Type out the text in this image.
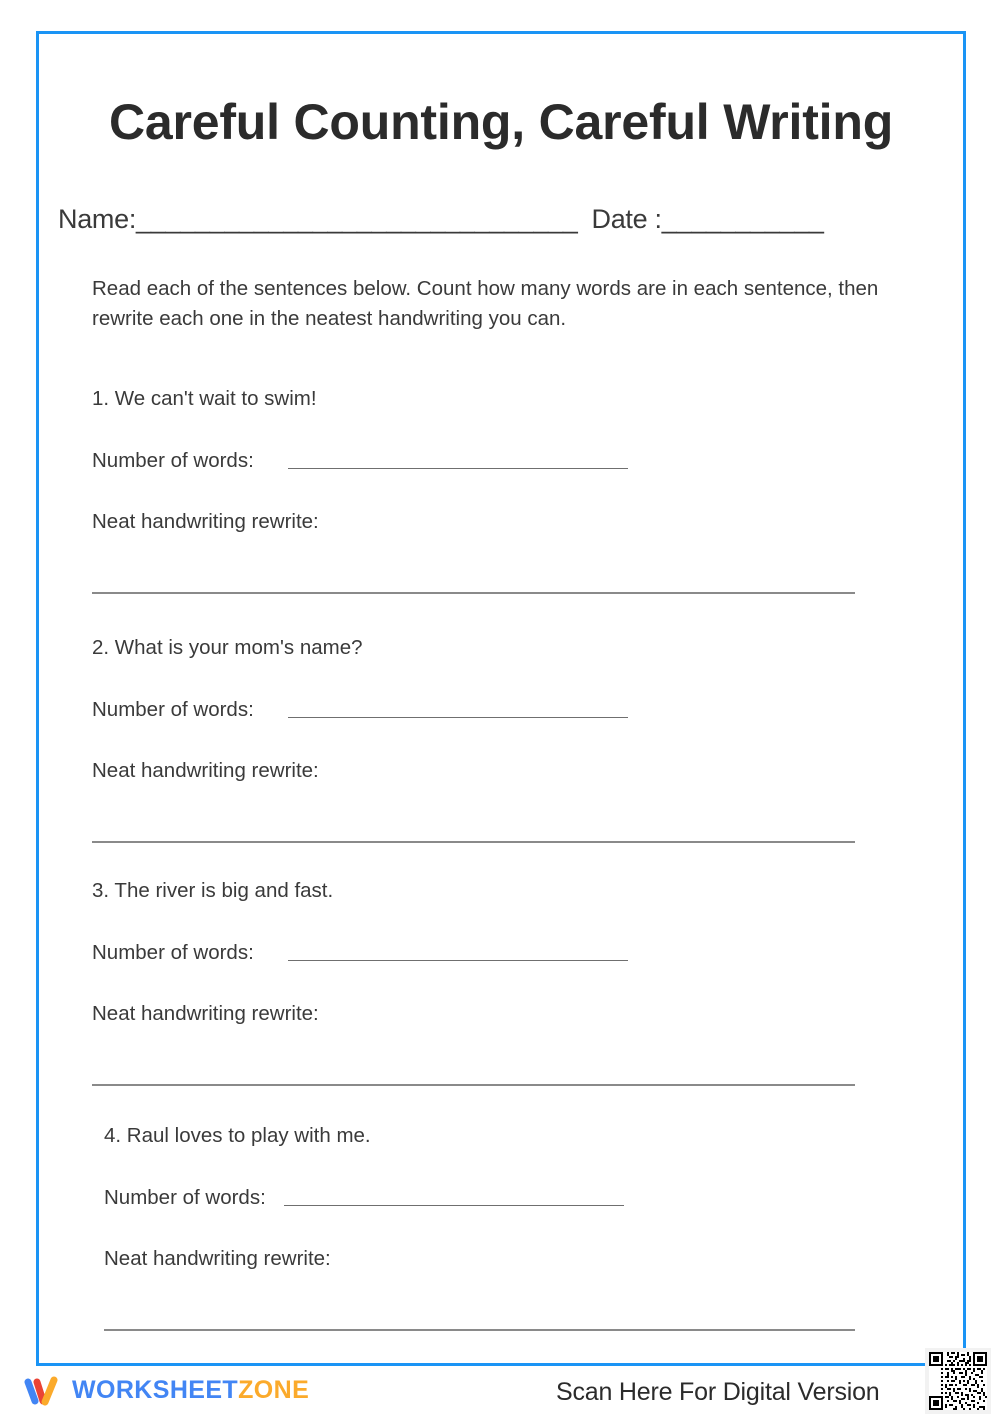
Careful Counting, Careful Writing
Name:______________________________ Date :___________
Read each of the sentences below. Count how many words are in each sentence, then rewrite each one in the neatest handwriting you can.
1. We can't wait to swim!
Number of words:
Neat handwriting rewrite:
2. What is your mom's name?
Number of words:
Neat handwriting rewrite:
3. The river is big and fast.
Number of words:
Neat handwriting rewrite:
4. Raul loves to play with me.
Number of words:
Neat handwriting rewrite:
WORKSHEETZONE	Scan Here For Digital Version
